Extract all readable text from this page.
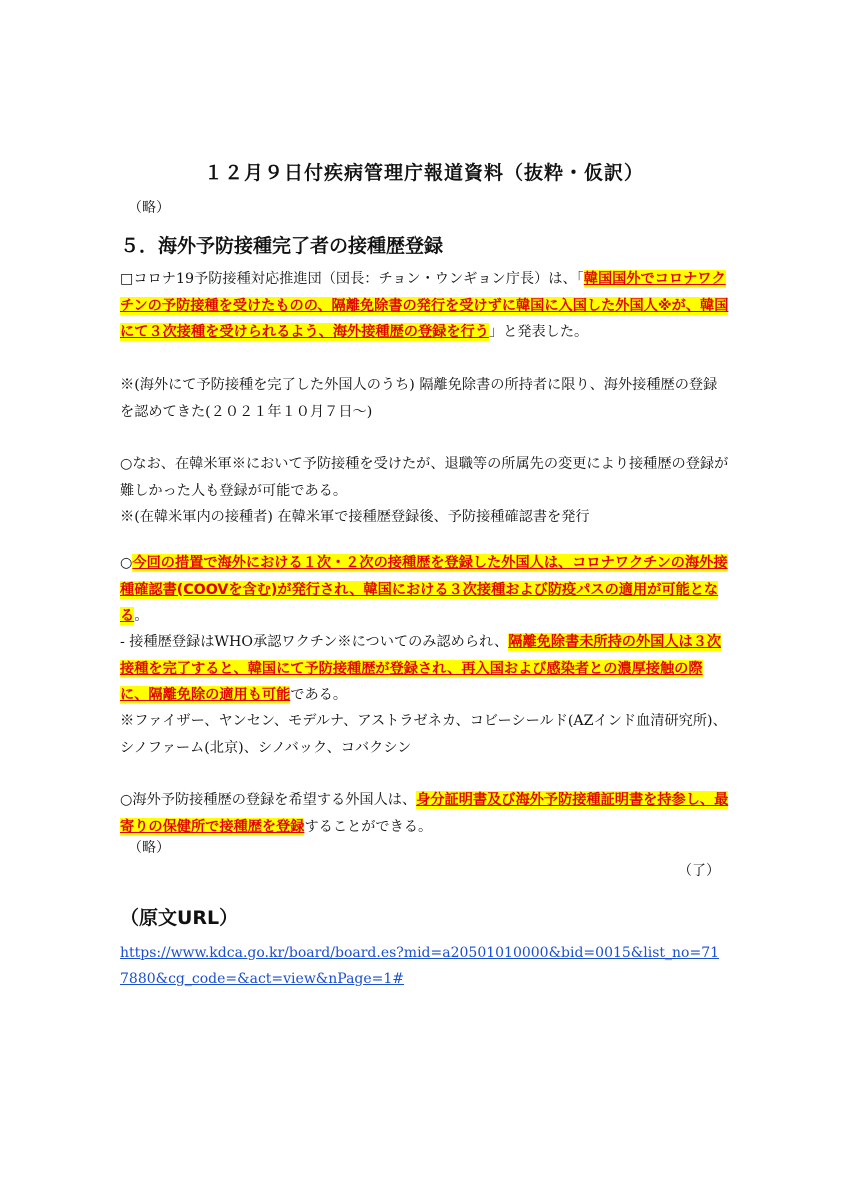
１２月９日付疾病管理庁報道資料（抜粋・仮訳）
（略）
５．海外予防接種完了者の接種歴登録
□コロナ19予防接種対応推進団（団長：チョン・ウンギョン庁長）は、「韓国国外でコロナワクチンの予防接種を受けたものの、隔離免除書の発行を受けずに韓国に入国した外国人※が、韓国にて３次接種を受けられるよう、海外接種歴の登録を行う」と発表した。
※(海外にて予防接種を完了した外国人のうち) 隔離免除書の所持者に限り、海外接種歴の登録を認めてきた(２０２１年１０月７日～)
○なお、在韓米軍※において予防接種を受けたが、退職等の所属先の変更により接種歴の登録が難しかった人も登録が可能である。
※(在韓米軍内の接種者) 在韓米軍で接種歴登録後、予防接種確認書を発行
○今回の措置で海外における１次・２次の接種歴を登録した外国人は、コロナワクチンの海外接種確認書(COOVを含む)が発行され、韓国における３次接種および防疫パスの適用が可能となる。
- 接種歴登録はWHO承認ワクチン※についてのみ認められ、隔離免除書未所持の外国人は３次接種を完了すると、韓国にて予防接種歴が登録され、再入国および感染者との濃厚接触の際に、隔離免除の適用も可能である。
※ファイザー、ヤンセン、モデルナ、アストラゼネカ、コビーシールド(AZインド血清研究所)、シノファーム(北京)、シノバック、コバクシン
○海外予防接種歴の登録を希望する外国人は、身分証明書及び海外予防接種証明書を持参し、最寄りの保健所で接種歴を登録することができる。
（略）
（了）
（原文URL）
https://www.kdca.go.kr/board/board.es?mid=a20501010000&bid=0015&list_no=717880&cg_code=&act=view&nPage=1#
